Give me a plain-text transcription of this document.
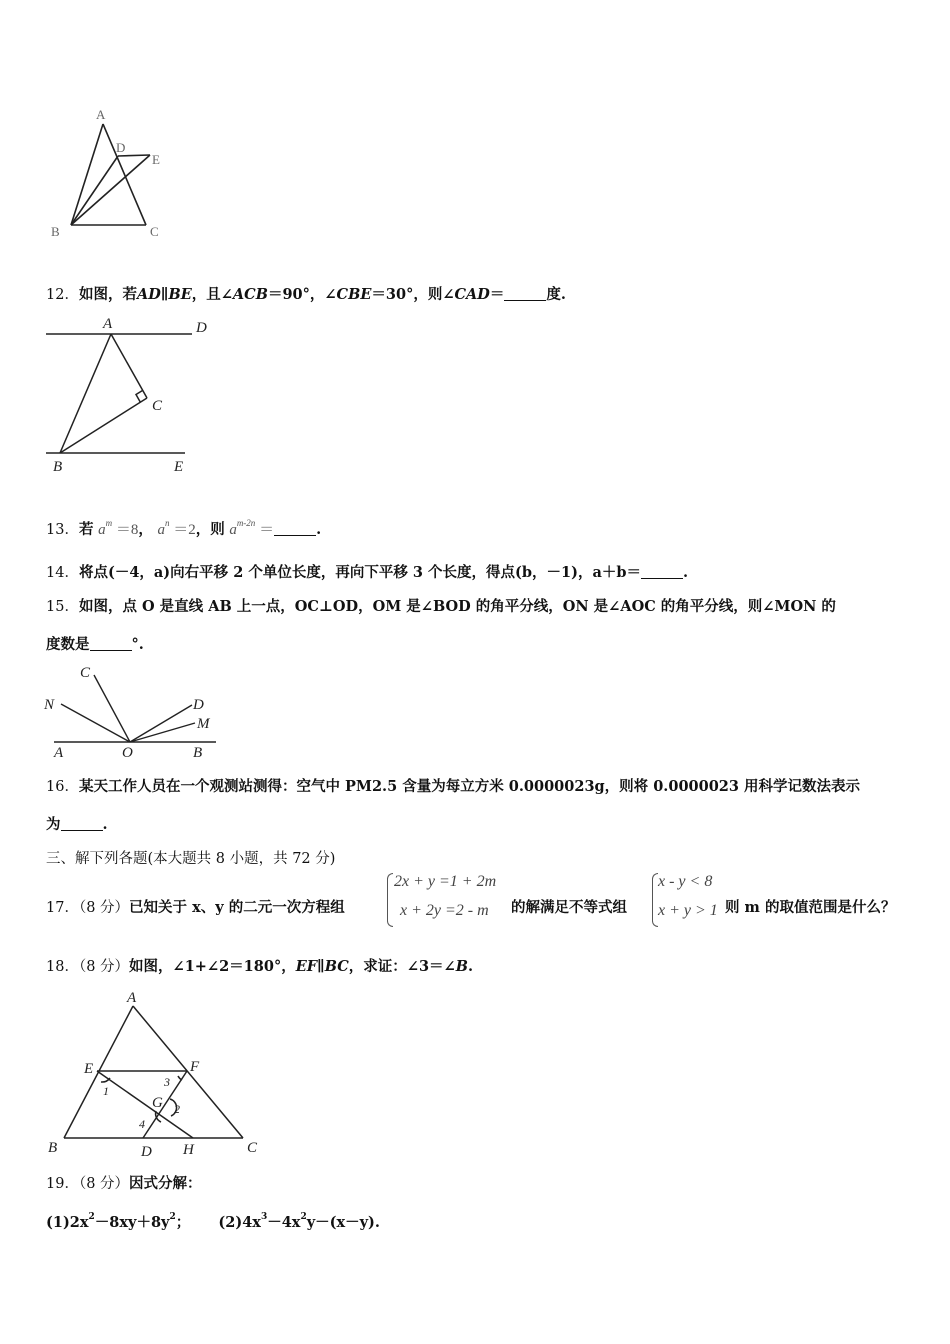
A
D
E
B	C
12．如图，若AD∥BE，且∠ACB＝90°，∠CBE＝30°，则∠CAD＝	度.
A	D
C
B	E
13．若 $a^m =8$， $a^n =2$，则 $a^{m-2n}$ ＝	.
14．将点(－4，a)向右平移 2 个单位长度，再向下平移 3 个长度，得点(b，－1)，a＋b＝	.
15．如图，点 O 是直线 AB 上一点，OC⊥OD，OM 是∠BOD 的角平分线，ON 是∠AOC 的角平分线，则∠MON 的
度数是	°.
C
N	D
M
A	O	B
16．某天工作人员在一个观测站测得：空气中 PM2.5 含量为每立方米 0.0000023g，则将 0.0000023 用科学记数法表示
为	.
三、解下列各题(本大题共 8 小题，共 72 分)
17．（8 分）已知关于 x、y 的二元一次方程组
2x + y =1 + 2m
x + 2y =2 - m 的解满足不等式组
x - y < 8
x + y > 1 则 m 的取值范围是什么？
18．（8 分）如图，∠1+∠2＝180°，EF∥BC，求证：∠3＝∠B.
A
E	F
1
3
G 2
4
B	D H	C
19．（8 分）因式分解：
$(1)2x^2-8xy+8y^2$； $(2)4x^3-4x^2y-(x-y)$.
